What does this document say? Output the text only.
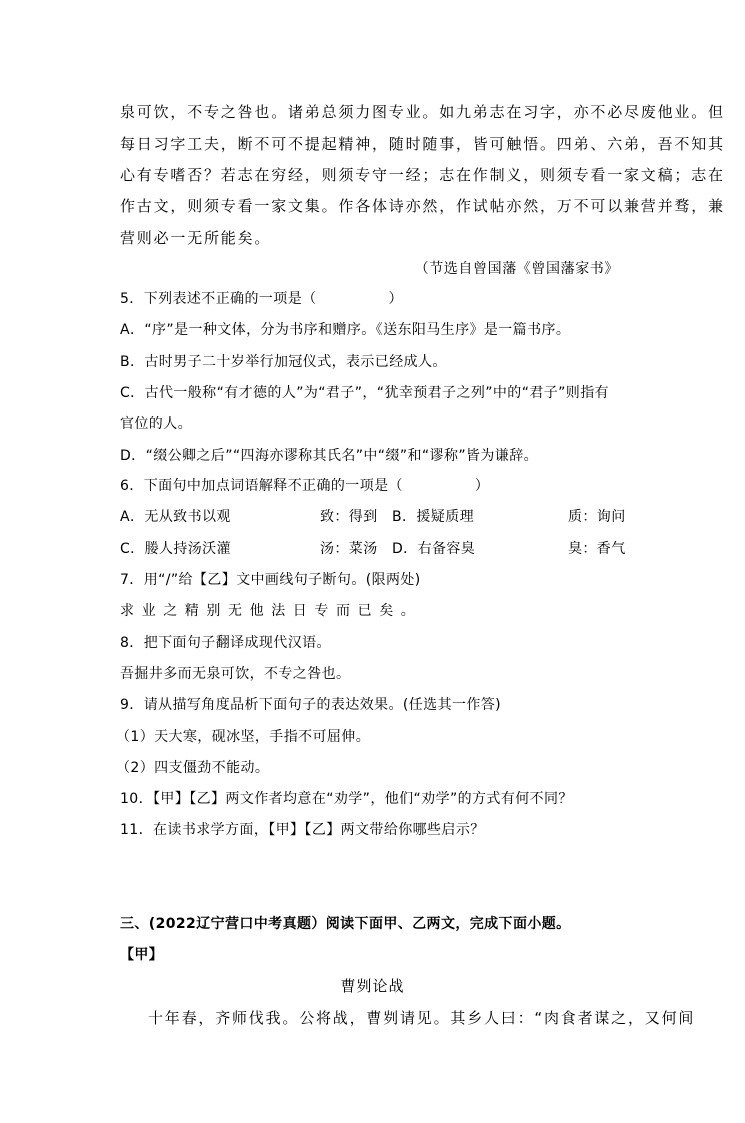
泉可饮，不专之咎也。诸弟总须力图专业。如九弟志在习字，亦不必尽废他业。但
每日习字工夫，断不可不提起精神，随时随事，皆可触悟。四弟、六弟，吾不知其
心有专嗜否？若志在穷经，则须专守一经；志在作制义，则须专看一家文稿；志在
作古文，则须专看一家文集。作各体诗亦然，作试帖亦然，万不可以兼营并骛，兼
营则必一无所能矣。
（节选自曾国藩《曾国藩家书》
5．下列表述不正确的一项是（　　　　　）
A．“序”是一种文体，分为书序和赠序。《送东阳马生序》是一篇书序。
B．古时男子二十岁举行加冠仪式，表示已经成人。
C．古代一般称“有才德的人”为“君子”，“犹幸预君子之列”中的“君子”则指有
官位的人。
D．“缀公卿之后”“四海亦谬称其氏名”中“缀”和“谬称”皆为谦辞。
6．下面句中加点词语解释不正确的一项是（　　　　　）
A．无从致书以观	致：得到 B．援疑质理	质：询问
C．媵人持汤沃灌	汤：菜汤 D．右备容臭	臭：香气
7．用“/”给【乙】文中画线句子断句。(限两处)
求业之精别无他法日专而已矣。
8．把下面句子翻译成现代汉语。
吾掘井多而无泉可饮，不专之咎也。
9．请从描写角度品析下面句子的表达效果。(任选其一作答)
（1）天大寒，砚冰坚，手指不可屈伸。
（2）四支僵劲不能动。
10．【甲】【乙】两文作者均意在“劝学”，他们“劝学”的方式有何不同？
11．在读书求学方面，【甲】【乙】两文带给你哪些启示？
三、(2022辽宁营口中考真题）阅读下面甲、乙两文，完成下面小题。
【甲】
曹刿论战
十年春，齐师伐我。公将战，曹刿请见。其乡人曰：“肉食者谋之，又何间
